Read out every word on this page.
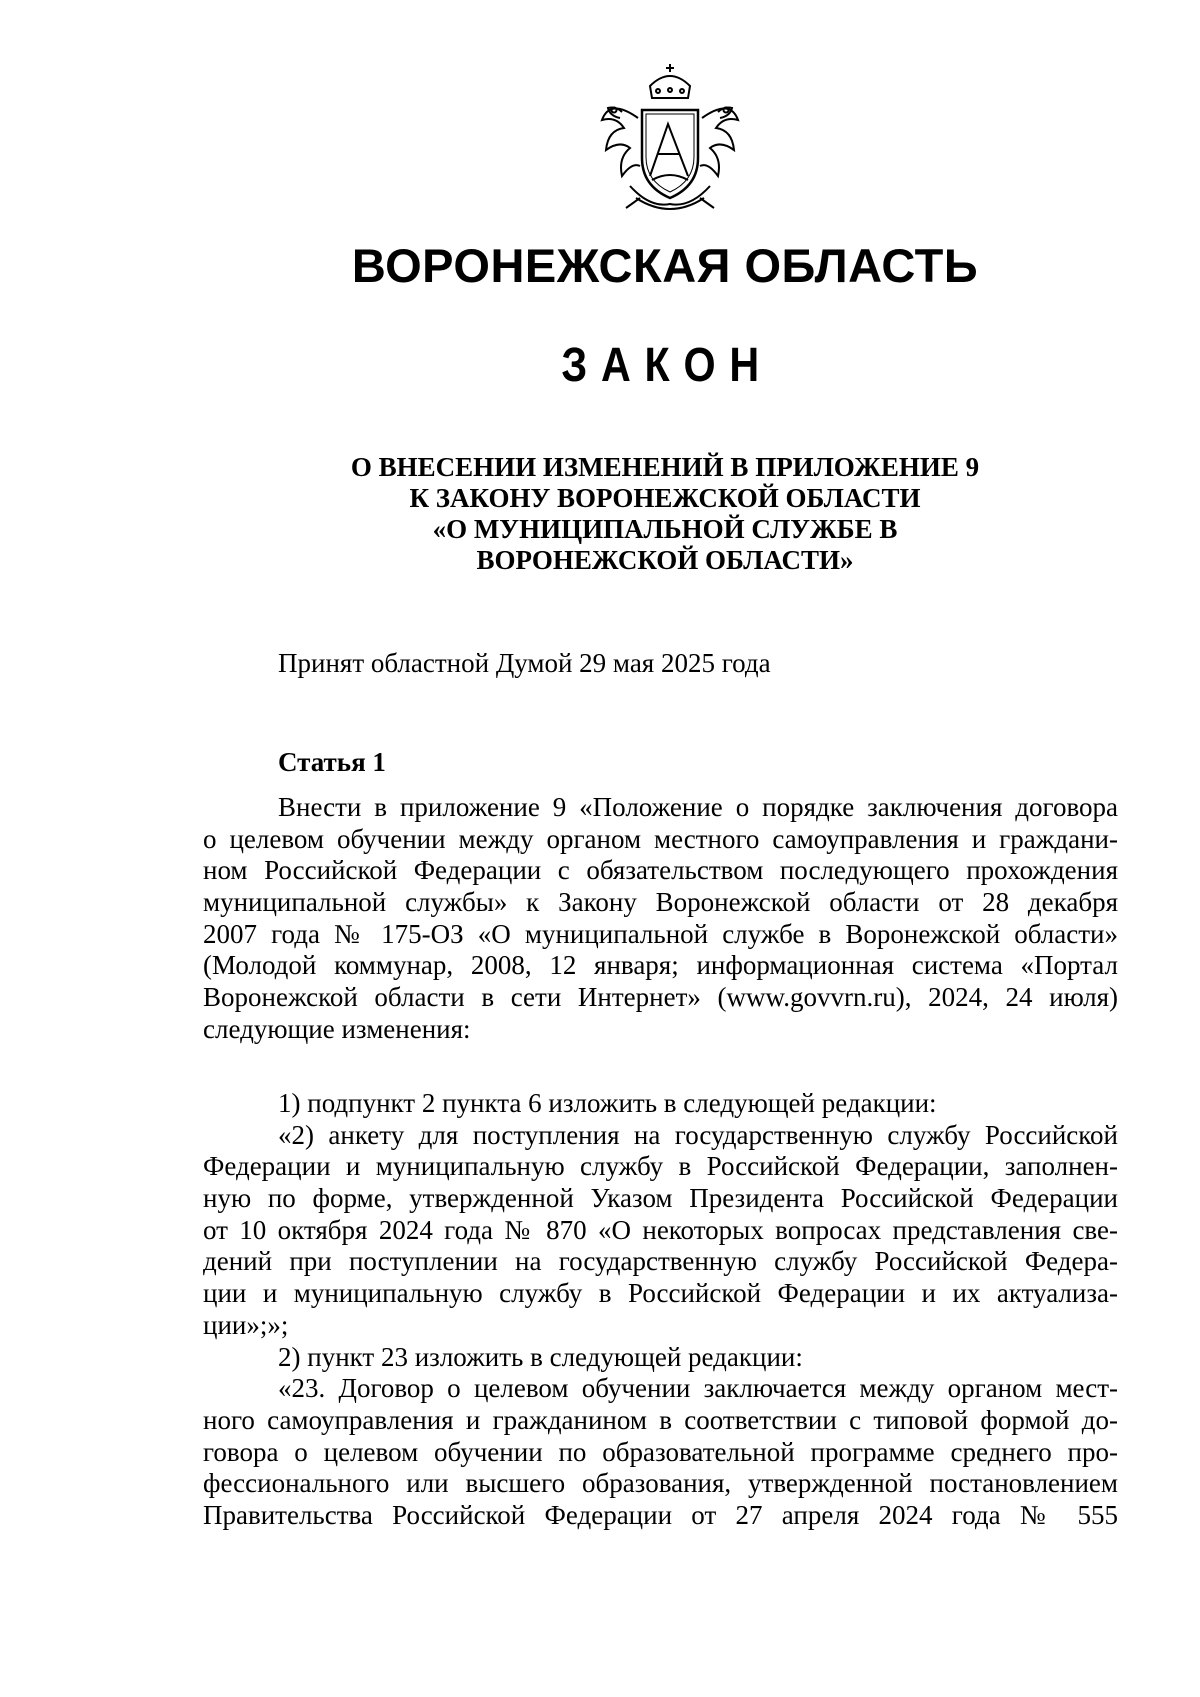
ВОРОНЕЖСКАЯ ОБЛАСТЬ
ЗАКОН
О ВНЕСЕНИИ ИЗМЕНЕНИЙ В ПРИЛОЖЕНИЕ 9
К ЗАКОНУ ВОРОНЕЖСКОЙ ОБЛАСТИ
«О МУНИЦИПАЛЬНОЙ СЛУЖБЕ В
ВОРОНЕЖСКОЙ ОБЛАСТИ»
Принят областной Думой 29 мая 2025 года
Статья 1
Внести в приложение 9 «Положение о порядке заключения договора
о целевом обучении между органом местного самоуправления и граждани-
ном Российской Федерации с обязательством последующего прохождения
муниципальной службы» к Закону Воронежской области от 28 декабря
2007 года № 175-ОЗ «О муниципальной службе в Воронежской области»
(Молодой коммунар, 2008, 12 января; информационная система «Портал
Воронежской области в сети Интернет» (www.govvrn.ru), 2024, 24 июля)
следующие изменения:
1) подпункт 2 пункта 6 изложить в следующей редакции:
«2) анкету для поступления на государственную службу Российской
Федерации и муниципальную службу в Российской Федерации, заполнен-
ную по форме, утвержденной Указом Президента Российской Федерации
от 10 октября 2024 года № 870 «О некоторых вопросах представления све-
дений при поступлении на государственную службу Российской Федера-
ции и муниципальную службу в Российской Федерации и их актуализа-
ции»;»;
2) пункт 23 изложить в следующей редакции:
«23. Договор о целевом обучении заключается между органом мест-
ного самоуправления и гражданином в соответствии с типовой формой до-
говора о целевом обучении по образовательной программе среднего про-
фессионального или высшего образования, утвержденной постановлением
Правительства Российской Федерации от 27 апреля 2024 года № 555
